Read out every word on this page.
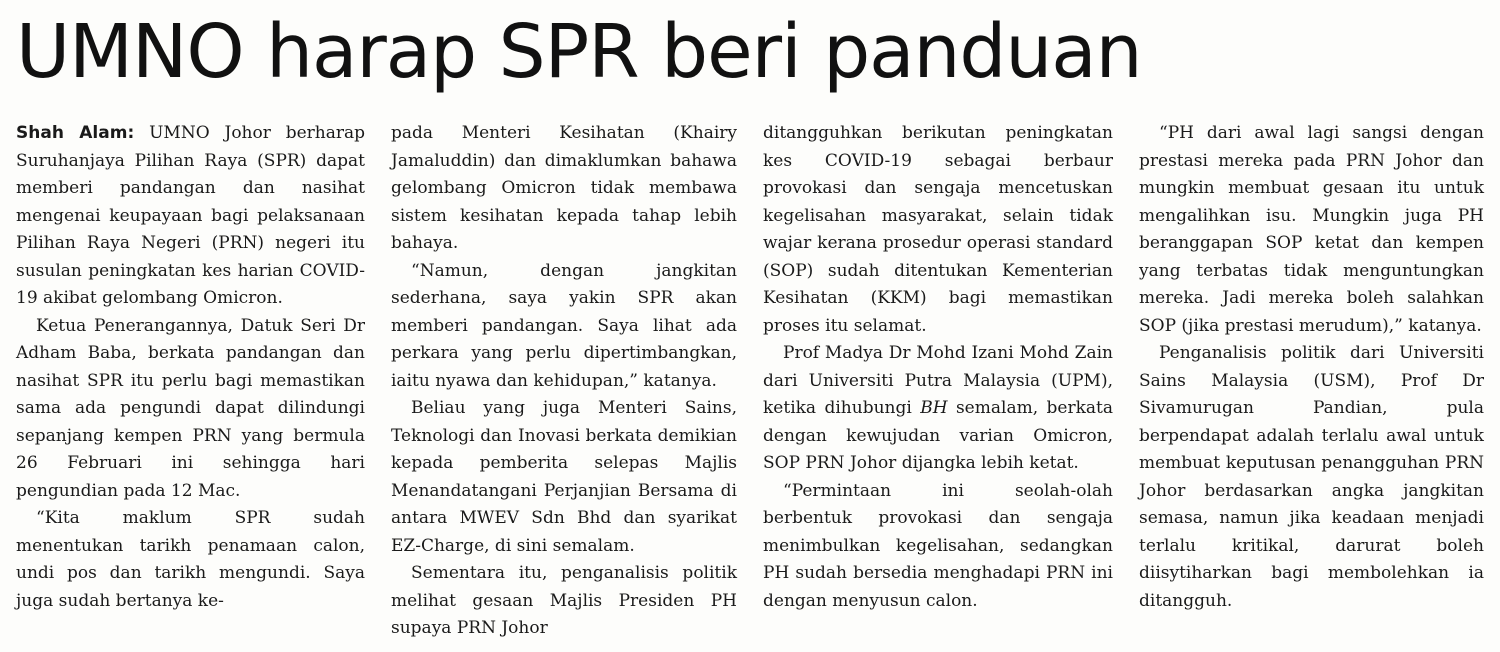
UMNO harap SPR beri panduan

Shah Alam: UMNO Johor berharap Suruhanjaya Pilihan Raya (SPR) dapat memberi pandangan dan nasihat mengenai keupayaan bagi pelaksanaan Pilihan Raya Negeri (PRN) negeri itu susulan peningkatan kes harian COVID-19 akibat gelombang Omicron.

Ketua Penerangannya, Datuk Seri Dr Adham Baba, berkata pandangan dan nasihat SPR itu perlu bagi memastikan sama ada pengundi dapat dilindungi sepanjang kempen PRN yang bermula 26 Februari ini sehingga hari pengundian pada 12 Mac.

“Kita maklum SPR sudah menentukan tarikh penamaan calon, undi pos dan tarikh mengundi. Saya juga sudah bertanya ke-

pada Menteri Kesihatan (Khairy Jamaluddin) dan dimaklumkan bahawa gelombang Omicron tidak membawa sistem kesihatan kepada tahap lebih bahaya.

“Namun, dengan jangkitan sederhana, saya yakin SPR akan memberi pandangan. Saya lihat ada perkara yang perlu dipertimbangkan, iaitu nyawa dan kehidupan,” katanya.

Beliau yang juga Menteri Sains, Teknologi dan Inovasi berkata demikian kepada pemberita selepas Majlis Menandatangani Perjanjian Bersama di antara MWEV Sdn Bhd dan syarikat EZ-Charge, di sini semalam.

Sementara itu, penganalisis politik melihat gesaan Majlis Presiden PH supaya PRN Johor

ditangguhkan berikutan peningkatan kes COVID-19 sebagai berbaur provokasi dan sengaja mencetuskan kegelisahan masyarakat, selain tidak wajar kerana prosedur operasi standard (SOP) sudah ditentukan Kementerian Kesihatan (KKM) bagi memastikan proses itu selamat.

Prof Madya Dr Mohd Izani Mohd Zain dari Universiti Putra Malaysia (UPM), ketika dihubungi BH semalam, berkata dengan kewujudan varian Omicron, SOP PRN Johor dijangka lebih ketat.

“Permintaan ini seolah-olah berbentuk provokasi dan sengaja menimbulkan kegelisahan, sedangkan PH sudah bersedia menghadapi PRN ini dengan menyusun calon.

“PH dari awal lagi sangsi dengan prestasi mereka pada PRN Johor dan mungkin membuat gesaan itu untuk mengalihkan isu. Mungkin juga PH beranggapan SOP ketat dan kempen yang terbatas tidak menguntungkan mereka. Jadi mereka boleh salahkan SOP (jika prestasi merudum),” katanya.

Penganalisis politik dari Universiti Sains Malaysia (USM), Prof Dr Sivamurugan Pandian, pula berpendapat adalah terlalu awal untuk membuat keputusan penangguhan PRN Johor berdasarkan angka jangkitan semasa, namun jika keadaan menjadi terlalu kritikal, darurat boleh diisytiharkan bagi membolehkan ia ditangguh.
